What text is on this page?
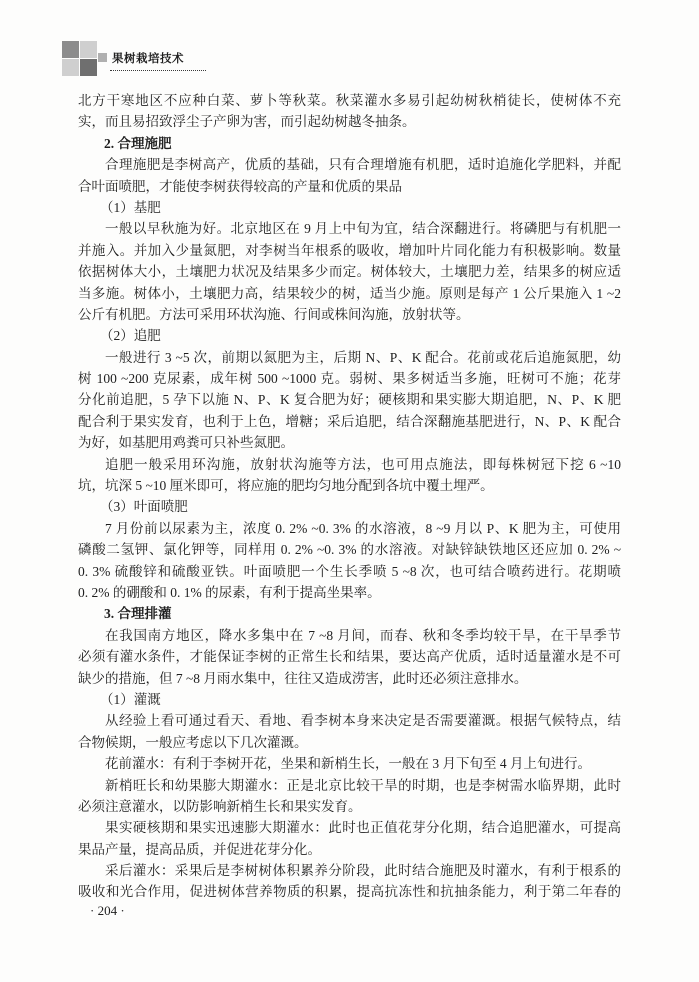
果树栽培技术
北方干寒地区不应种白菜、萝卜等秋菜。秋菜灌水多易引起幼树秋梢徒长，使树体不充
实，而且易招致浮尘子产卵为害，而引起幼树越冬抽条。
2. 合理施肥
合理施肥是李树高产，优质的基础，只有合理增施有机肥，适时追施化学肥料，并配
合叶面喷肥，才能使李树获得较高的产量和优质的果品
（1）基肥
一般以早秋施为好。北京地区在 9 月上中旬为宜，结合深翻进行。将磷肥与有机肥一
并施入。并加入少量氮肥，对李树当年根系的吸收，增加叶片同化能力有积极影响。数量
依据树体大小，土壤肥力状况及结果多少而定。树体较大，土壤肥力差，结果多的树应适
当多施。树体小，土壤肥力高，结果较少的树，适当少施。原则是每产 1 公斤果施入 1 ~2
公斤有机肥。方法可采用环状沟施、行间或株间沟施，放射状等。
（2）追肥
一般进行 3 ~5 次，前期以氮肥为主，后期 N、P、K 配合。花前或花后追施氮肥，幼
树 100 ~200 克尿素，成年树 500 ~1000 克。弱树、果多树适当多施，旺树可不施；花芽
分化前追肥，5 孕下以施 N、P、K 复合肥为好；硬核期和果实膨大期追肥，N、P、K 肥
配合利于果实发育，也利于上色，增糖；采后追肥，结合深翻施基肥进行，N、P、K 配合
为好，如基肥用鸡粪可只补些氮肥。
追肥一般采用环沟施，放射状沟施等方法，也可用点施法，即每株树冠下挖 6 ~10
坑，坑深 5 ~10 厘米即可，将应施的肥均匀地分配到各坑中覆土埋严。
（3）叶面喷肥
7 月份前以尿素为主，浓度 0. 2% ~0. 3% 的水溶液，8 ~9 月以 P、K 肥为主，可使用
磷酸二氢钾、氯化钾等，同样用 0. 2% ~0. 3% 的水溶液。对缺锌缺铁地区还应加 0. 2% ~
0. 3% 硫酸锌和硫酸亚铁。叶面喷肥一个生长季喷 5 ~8 次，也可结合喷药进行。花期喷
0. 2% 的硼酸和 0. 1% 的尿素，有利于提高坐果率。
3. 合理排灌
在我国南方地区，降水多集中在 7 ~8 月间，而春、秋和冬季均较干旱，在干旱季节
必须有灌水条件，才能保证李树的正常生长和结果，要达高产优质，适时适量灌水是不可
缺少的措施，但 7 ~8 月雨水集中，往往又造成涝害，此时还必须注意排水。
（1）灌溉
从经验上看可通过看天、看地、看李树本身来决定是否需要灌溉。根据气候特点，结
合物候期，一般应考虑以下几次灌溉。
花前灌水：有利于李树开花，坐果和新梢生长，一般在 3 月下旬至 4 月上旬进行。
新梢旺长和幼果膨大期灌水：正是北京比较干旱的时期，也是李树需水临界期，此时
必须注意灌水，以防影响新梢生长和果实发育。
果实硬核期和果实迅速膨大期灌水：此时也正值花芽分化期，结合追肥灌水，可提高
果品产量，提高品质，并促进花芽分化。
采后灌水：采果后是李树树体积累养分阶段，此时结合施肥及时灌水，有利于根系的
吸收和光合作用，促进树体营养物质的积累，提高抗冻性和抗抽条能力，利于第二年春的
· 204 ·
